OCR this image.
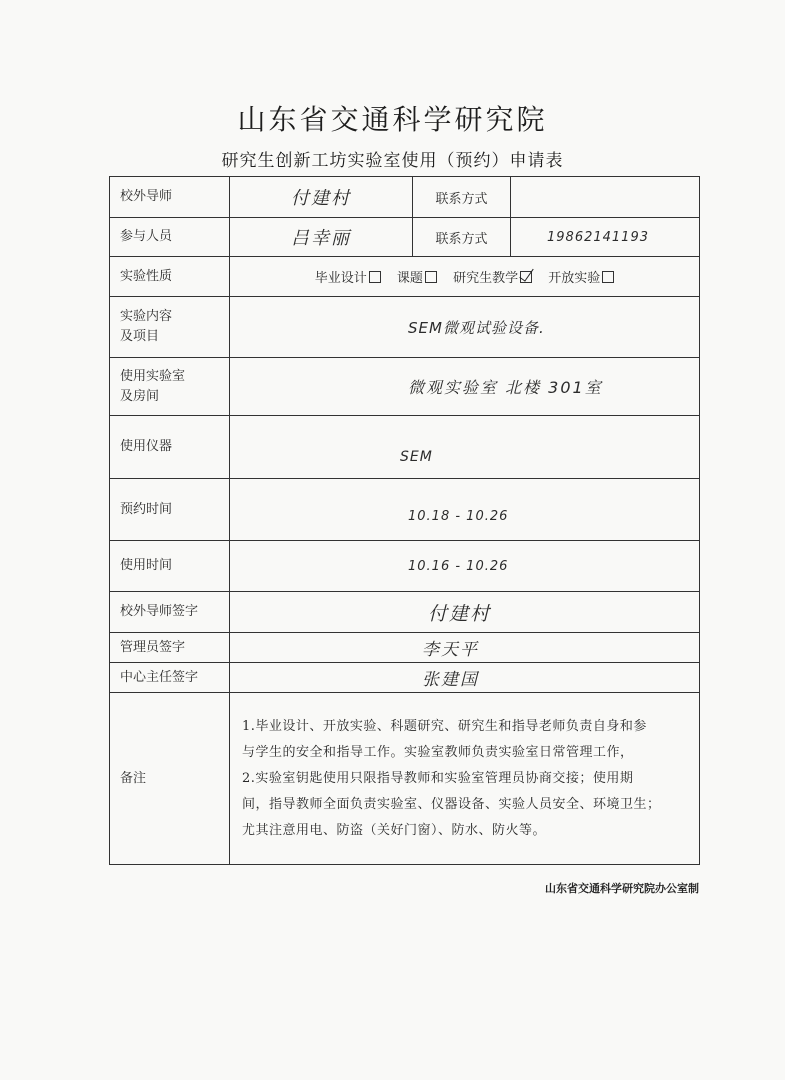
山东省交通科学研究院
研究生创新工坊实验室使用（预约）申请表
校外导师	付建村	联系方式	
参与人员	吕幸丽	联系方式	19862141193
实验性质	毕业设计 课题 研究生教学 开放实验		

实验内容
及项目	SEM微观试验设备.		

使用实验室
及房间	微观实验室 北楼 301室		
使用仪器	SEM		
预约时间	10.18 - 10.26		
使用时间	10.16 - 10.26		
校外导师签字	付建村		
管理员签字	李天平		
中心主任签字	张建国		
备注	1.毕业设计、开放实验、科题研究、研究生和指导老师负责自身和参
与学生的安全和指导工作。实验室教师负责实验室日常管理工作，
2.实验室钥匙使用只限指导教师和实验室管理员协商交接；使用期
间，指导教师全面负责实验室、仪器设备、实验人员安全、环境卫生；
尤其注意用电、防盗（关好门窗）、防水、防火等。		
山东省交通科学研究院办公室制
